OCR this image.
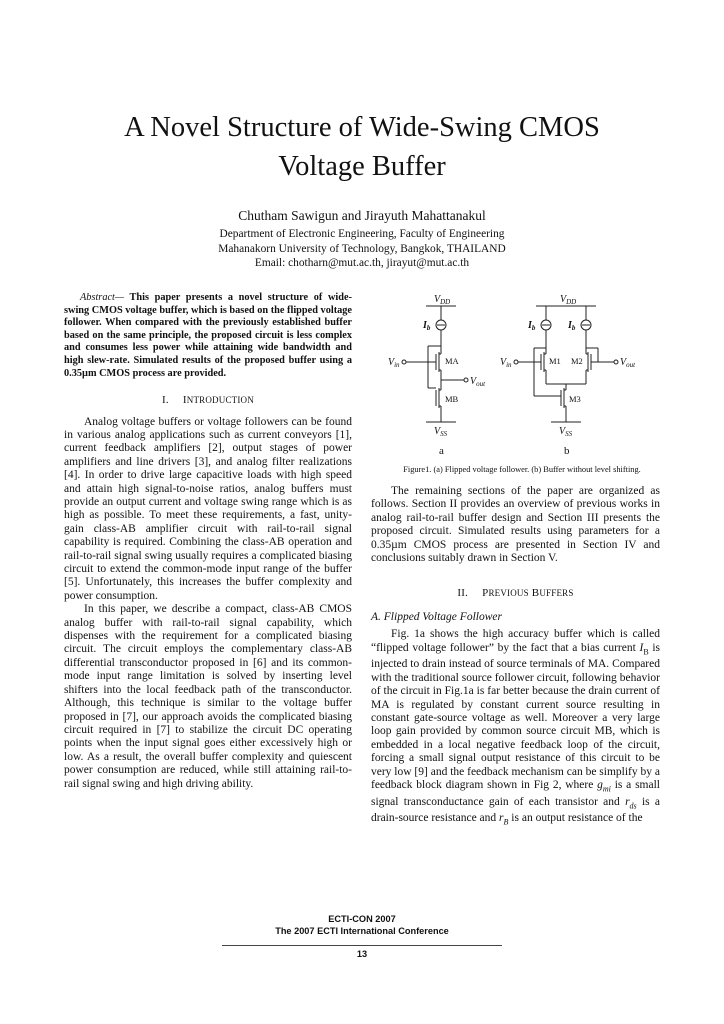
A Novel Structure of Wide-Swing CMOS
Voltage Buffer
Chutham Sawigun and Jirayuth Mahattanakul
Department of Electronic Engineering, Faculty of Engineering
Mahanakorn University of Technology, Bangkok, THAILAND
Email: chotharn@mut.ac.th, jirayut@mut.ac.th

Abstract— This paper presents a novel structure of wide-swing CMOS voltage buffer, which is based on the flipped voltage follower. When compared with the previously established buffer based on the same principle, the proposed circuit is less complex and consumes less power while attaining wide bandwidth and high slew-rate. Simulated results of the proposed buffer using a 0.35µm CMOS process are provided.

I. INTRODUCTION

Analog voltage buffers or voltage followers can be found in various analog applications such as current conveyors [1], current feedback amplifiers [2], output stages of power amplifiers and line drivers [3], and analog filter realizations [4]. In order to drive large capacitive loads with high speed and attain high signal-to-noise ratios, analog buffers must provide an output current and voltage swing range which is as high as possible. To meet these requirements, a fast, unity-gain class-AB amplifier circuit with rail-to-rail signal capability is required. Combining the class-AB operation and rail-to-rail signal swing usually requires a complicated biasing circuit to extend the common-mode input range of the buffer [5]. Unfortunately, this increases the buffer complexity and power consumption.

In this paper, we describe a compact, class-AB CMOS analog buffer with rail-to-rail signal capability, which dispenses with the requirement for a complicated biasing circuit. The circuit employs the complementary class-AB differential transconductor proposed in [6] and its common-mode input range limitation is solved by inserting level shifters into the local feedback path of the transconductor. Although, this technique is similar to the voltage buffer proposed in [7], our approach avoids the complicated biasing circuit required in [7] to stabilize the circuit DC operating points when the input signal goes either excessively high or low. As a result, the overall buffer complexity and quiescent power consumption are reduced, while still attaining rail-to-rail signal swing and high driving ability.

$V_{DD}$
$I_b$
$V_{in}$
$V_{out}$
$V_{SS}$
$V_{DD}$
$I_b$	$I_b$
$V_{in}$	$V_{out}$
$V_{SS}$
MA
MB
M1 M2
M3
a	b
Figure1. (a) Flipped voltage follower. (b) Buffer without level shifting.

The remaining sections of the paper are organized as follows. Section II provides an overview of previous works in analog rail-to-rail buffer design and Section III presents the proposed circuit. Simulated results using parameters for a 0.35µm CMOS process are presented in Section IV and conclusions suitably drawn in Section V.

II. PREVIOUS BUFFERS
A. Flipped Voltage Follower

Fig. 1a shows the high accuracy buffer which is called “flipped voltage follower” by the fact that a bias current $I_B$ is injected to drain instead of source terminals of MA. Compared with the traditional source follower circuit, following behavior of the circuit in Fig.1a is far better because the drain current of MA is regulated by constant current source resulting in constant gate-source voltage as well. Moreover a very large loop gain provided by common source circuit MB, which is embedded in a local negative feedback loop of the circuit, forcing a small signal output resistance of this circuit to be very low [9] and the feedback mechanism can be simplify by a feedback block diagram shown in Fig 2, where $g_{mi}$ is a small signal transconductance gain of each transistor and $r_{ds}$ is a drain-source resistance and $r_B$ is an output resistance of the

ECTI-CON 2007
The 2007 ECTI International Conference
13
